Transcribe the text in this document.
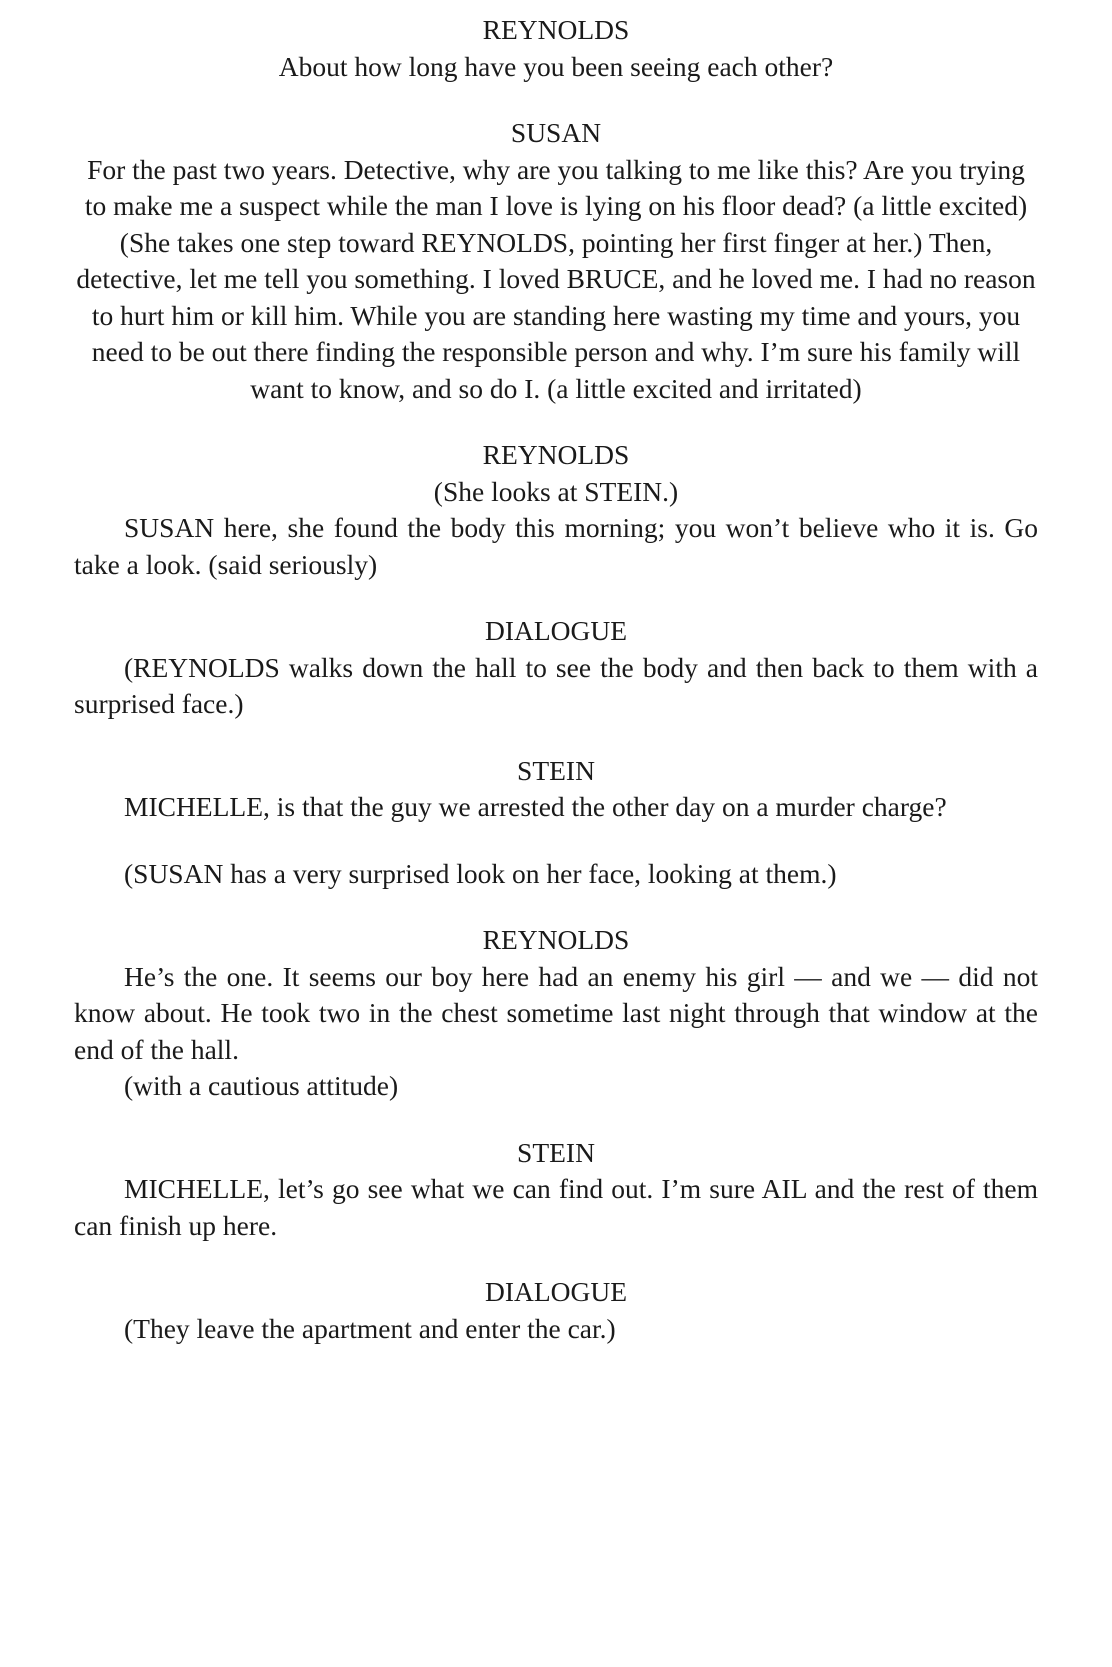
REYNOLDS

About how long have you been seeing each other?

SUSAN

For the past two years. Detective, why are you talking to me like this? Are you trying to make me a suspect while the man I love is lying on his floor dead? (a little excited) (She takes one step toward REYNOLDS, pointing her first finger at her.) Then, detective, let me tell you something. I loved BRUCE, and he loved me. I had no reason to hurt him or kill him. While you are standing here wasting my time and yours, you need to be out there finding the responsible person and why. I’m sure his family will want to know, and so do I. (a little excited and irritated)

REYNOLDS

(She looks at STEIN.)

SUSAN here, she found the body this morning; you won’t believe who it is. Go take a look. (said seriously)

DIALOGUE

(REYNOLDS walks down the hall to see the body and then back to them with a surprised face.)

STEIN

MICHELLE, is that the guy we arrested the other day on a murder charge?

(SUSAN has a very surprised look on her face, looking at them.)

REYNOLDS

He’s the one. It seems our boy here had an enemy his girl — and we — did not know about. He took two in the chest sometime last night through that window at the end of the hall.

(with a cautious attitude)

STEIN

MICHELLE, let’s go see what we can find out. I’m sure AIL and the rest of them can finish up here.

DIALOGUE

(They leave the apartment and enter the car.)
